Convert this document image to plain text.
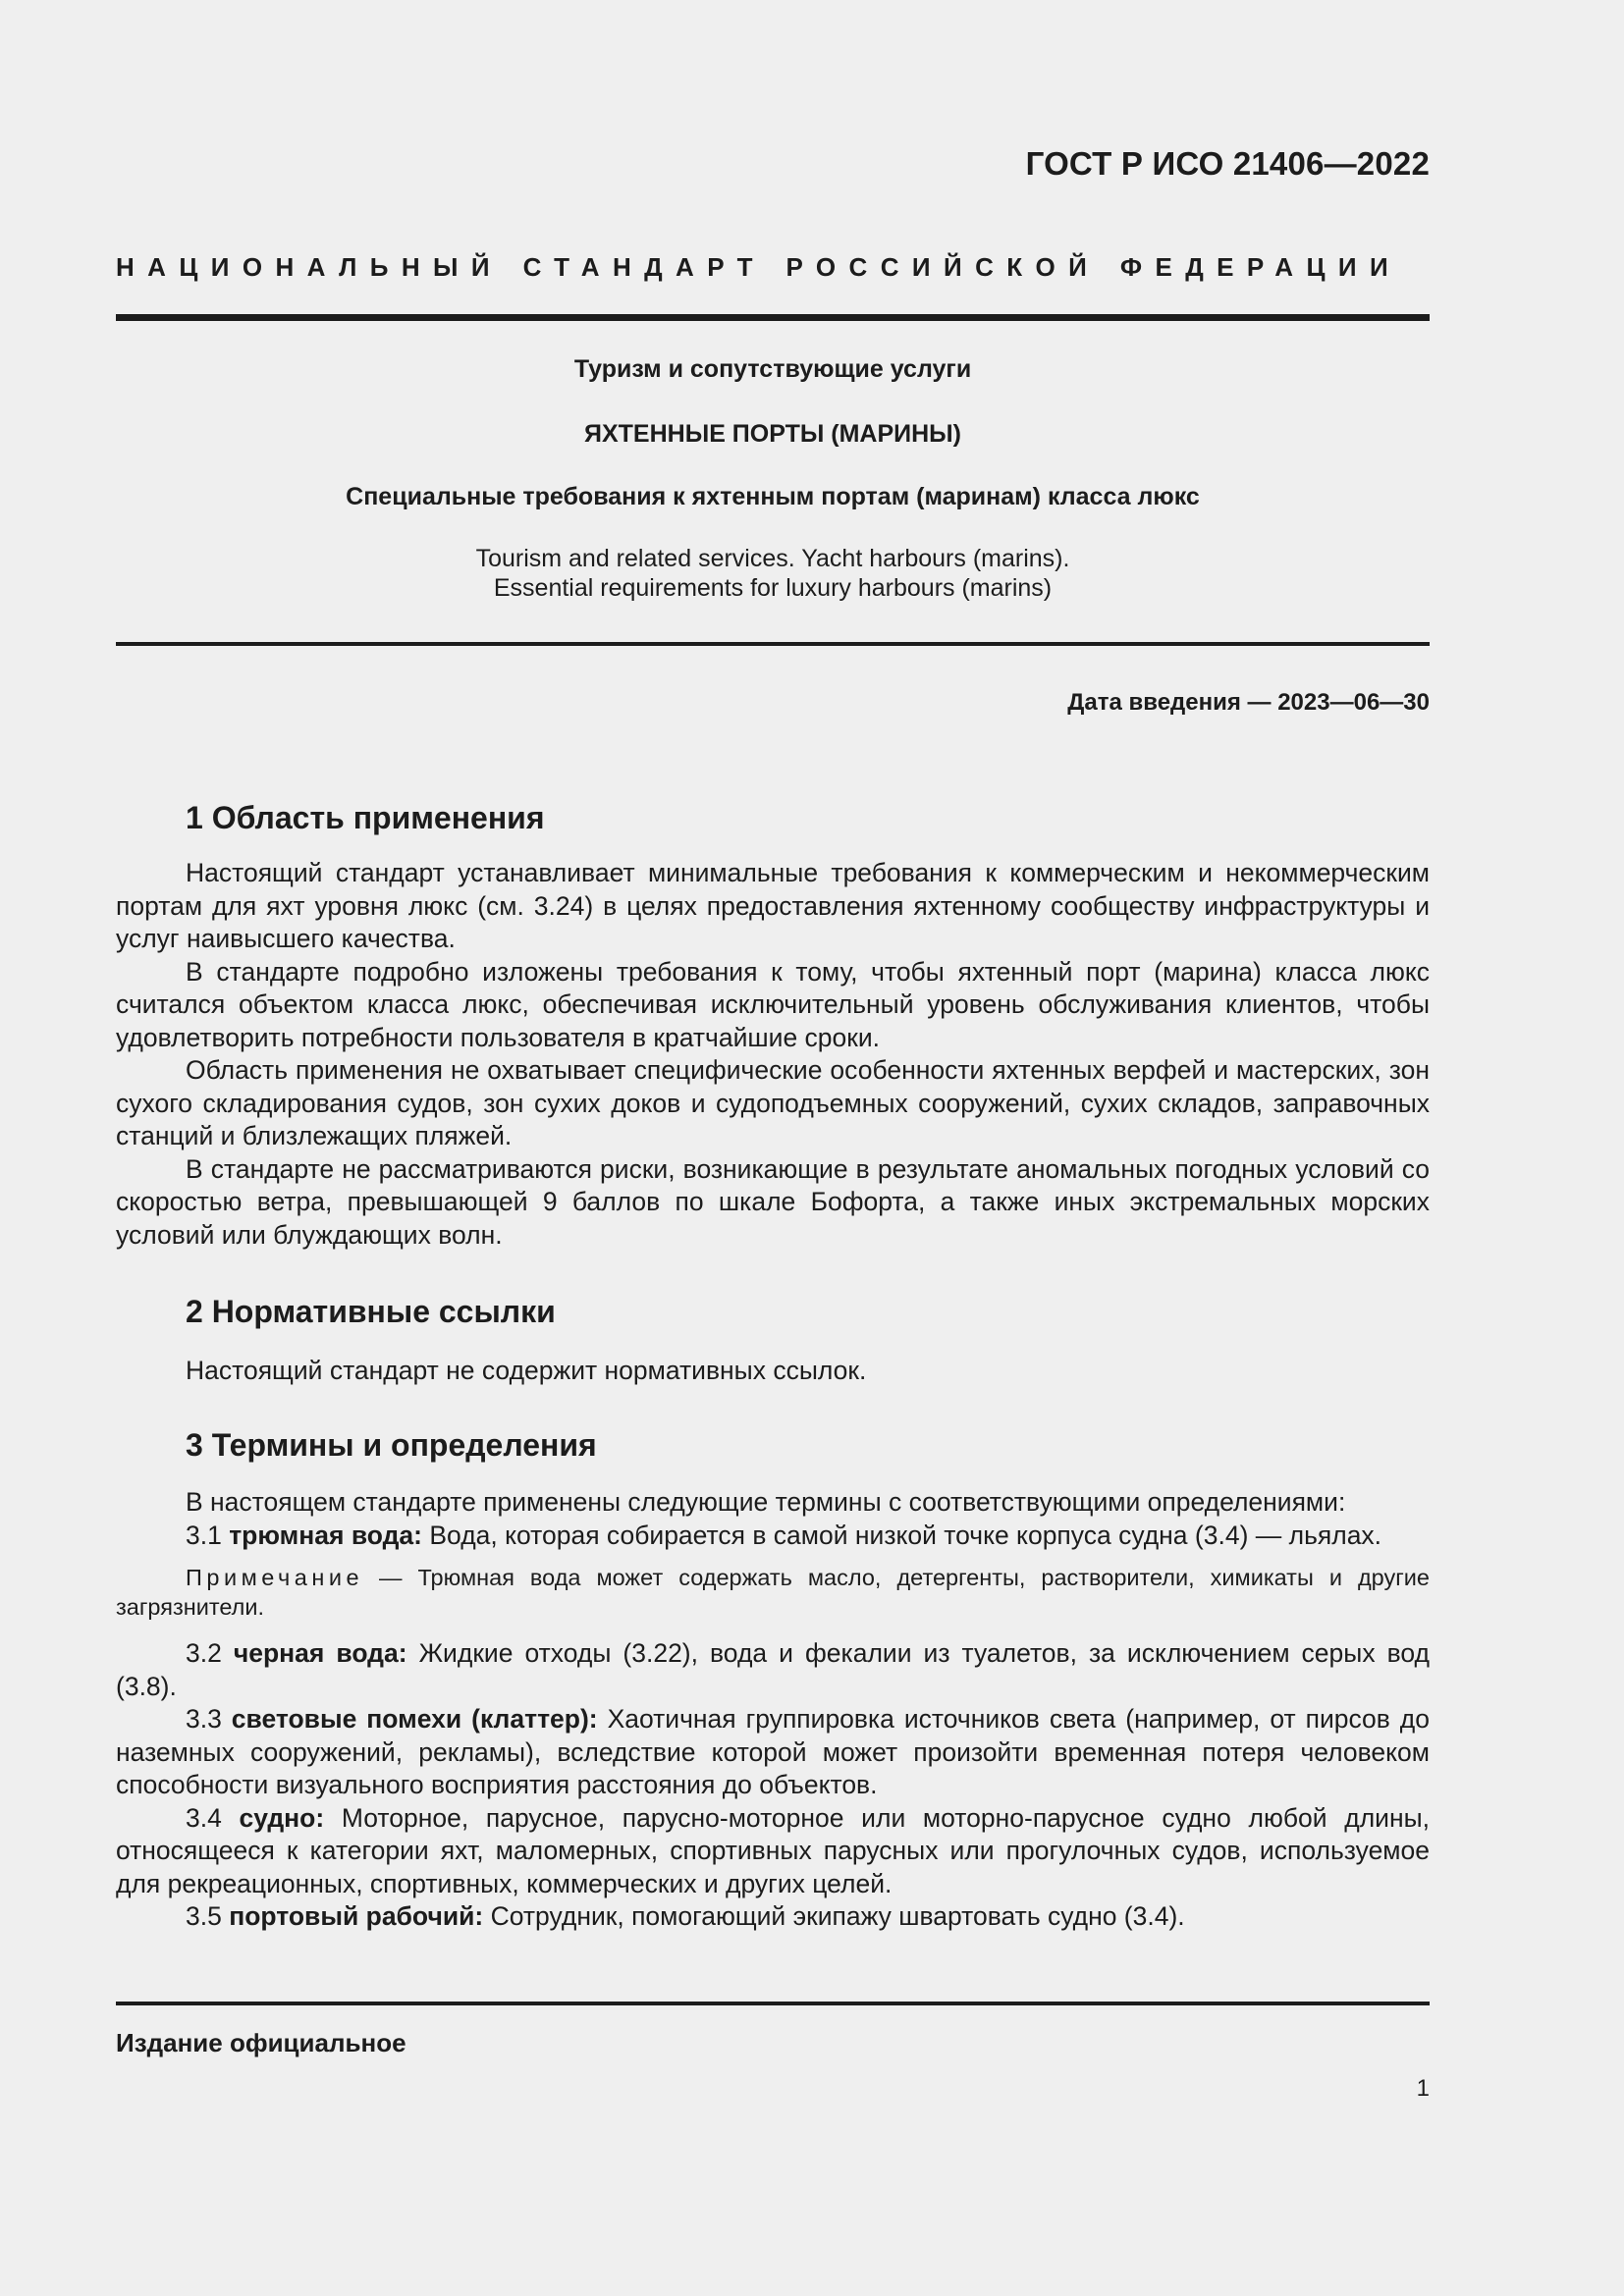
ГОСТ Р ИСО 21406—2022
НАЦИОНАЛЬНЫЙ СТАНДАРТ РОССИЙСКОЙ ФЕДЕРАЦИИ
Туризм и сопутствующие услуги
ЯХТЕННЫЕ ПОРТЫ (МАРИНЫ)
Специальные требования к яхтенным портам (маринам) класса люкс
Tourism and related services. Yacht harbours (marins).
Essential requirements for luxury harbours (marins)
Дата введения — 2023—06—30
1 Область применения

Настоящий стандарт устанавливает минимальные требования к коммерческим и некоммерческим портам для яхт уровня люкс (см. 3.24) в целях предоставления яхтенному сообществу инфраструктуры и услуг наивысшего качества.

В стандарте подробно изложены требования к тому, чтобы яхтенный порт (марина) класса люкс считался объектом класса люкс, обеспечивая исключительный уровень обслуживания клиентов, чтобы удовлетворить потребности пользователя в кратчайшие сроки.

Область применения не охватывает специфические особенности яхтенных верфей и мастерских, зон сухого складирования судов, зон сухих доков и судоподъемных сооружений, сухих складов, заправочных станций и близлежащих пляжей.

В стандарте не рассматриваются риски, возникающие в результате аномальных погодных условий со скоростью ветра, превышающей 9 баллов по шкале Бофорта, а также иных экстремальных морских условий или блуждающих волн.

2 Нормативные ссылки

Настоящий стандарт не содержит нормативных ссылок.

3 Термины и определения

В настоящем стандарте применены следующие термины с соответствующими определениями:

3.1 трюмная вода: Вода, которая собирается в самой низкой точке корпуса судна (3.4) — льялах.

Примечание — Трюмная вода может содержать масло, детергенты, растворители, химикаты и другие загрязнители.

3.2 черная вода: Жидкие отходы (3.22), вода и фекалии из туалетов, за исключением серых вод (3.8).

3.3 световые помехи (клаттер): Хаотичная группировка источников света (например, от пирсов до наземных сооружений, рекламы), вследствие которой может произойти временная потеря человеком способности визуального восприятия расстояния до объектов.

3.4 судно: Моторное, парусное, парусно-моторное или моторно-парусное судно любой длины, относящееся к категории яхт, маломерных, спортивных парусных или прогулочных судов, используемое для рекреационных, спортивных, коммерческих и других целей.

3.5 портовый рабочий: Сотрудник, помогающий экипажу швартовать судно (3.4).

Издание официальное
1
